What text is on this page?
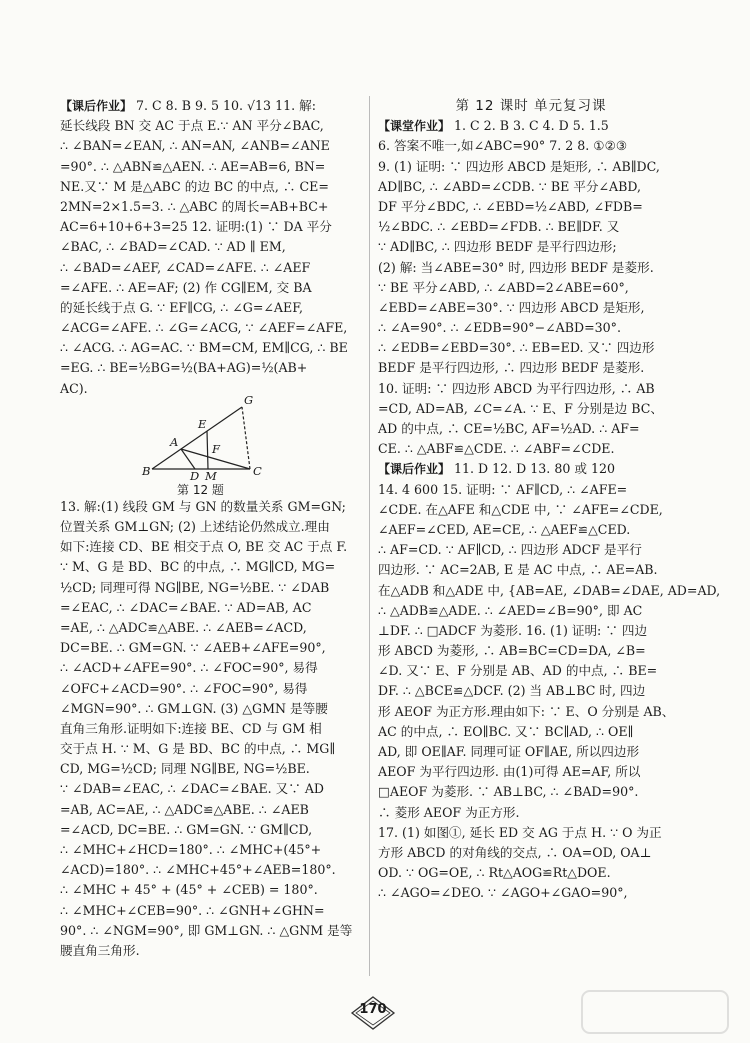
【课后作业】 7. C 8. B 9. 5 10. √13 11. 解:
延长线段 BN 交 AC 于点 E.∵ AN 平分∠BAC,
∴ ∠BAN=∠EAN, ∴ AN=AN, ∠ANB=∠ANE
=90°. ∴ △ABN≌△AEN. ∴ AE=AB=6, BN=
NE.又∵ M 是△ABC 的边 BC 的中点, ∴ CE=
2MN=2×1.5=3. ∴ △ABC 的周长=AB+BC+
AC=6+10+6+3=25 12. 证明:(1) ∵ DA 平分
∠BAC, ∴ ∠BAD=∠CAD. ∵ AD ∥ EM,
∴ ∠BAD=∠AEF, ∠CAD=∠AFE. ∴ ∠AEF
=∠AFE. ∴ AE=AF; (2) 作 CG∥EM, 交 BA
的延长线于点 G. ∵ EF∥CG, ∴ ∠G=∠AEF,
∠ACG=∠AFE. ∴ ∠G=∠ACG, ∵ ∠AEF=∠AFE,
∴ ∠ACG. ∴ AG=AC. ∵ BM=CM, EM∥CG, ∴ BE
=EG. ∴ BE=½BG=½(BA+AG)=½(AB+
AC).
G
E
A	F
B	D M	C
第 12 题
13. 解:(1) 线段 GM 与 GN 的数量关系 GM=GN;
位置关系 GM⊥GN; (2) 上述结论仍然成立.理由
如下:连接 CD、BE 相交于点 O, BE 交 AC 于点 F.
∵ M、G 是 BD、BC 的中点, ∴ MG∥CD, MG=
½CD; 同理可得 NG∥BE, NG=½BE. ∵ ∠DAB
=∠EAC, ∴ ∠DAC=∠BAE. ∵ AD=AB, AC
=AE, ∴ △ADC≌△ABE. ∴ ∠AEB=∠ACD,
DC=BE. ∴ GM=GN. ∵ ∠AEB+∠AFE=90°,
∴ ∠ACD+∠AFE=90°. ∴ ∠FOC=90°, 易得
∠OFC+∠ACD=90°. ∴ ∠FOC=90°, 易得
∠MGN=90°. ∴ GM⊥GN. (3) △GMN 是等腰
直角三角形.证明如下:连接 BE、CD 与 GM 相
交于点 H. ∵ M、G 是 BD、BC 的中点, ∴ MG∥
CD, MG=½CD; 同理 NG∥BE, NG=½BE.
∵ ∠DAB=∠EAC, ∴ ∠DAC=∠BAE. 又∵ AD
=AB, AC=AE, ∴ △ADC≌△ABE. ∴ ∠AEB
=∠ACD, DC=BE. ∴ GM=GN. ∵ GM∥CD,
∴ ∠MHC+∠HCD=180°. ∴ ∠MHC+(45°+
∠ACD)=180°. ∴ ∠MHC+45°+∠AEB=180°.
∴ ∠MHC + 45° + (45° + ∠CEB) = 180°.
∴ ∠MHC+∠CEB=90°. ∴ ∠GNH+∠GHN=
90°. ∴ ∠NGM=90°, 即 GM⊥GN. ∴ △GNM 是等
腰直角三角形.
第 12 课时 单元复习课
【课堂作业】 1. C 2. B 3. C 4. D 5. 1.5
6. 答案不唯一,如∠ABC=90° 7. 2 8. ①②③
9. (1) 证明: ∵ 四边形 ABCD 是矩形, ∴ AB∥DC,
AD∥BC, ∴ ∠ABD=∠CDB. ∵ BE 平分∠ABD,
DF 平分∠BDC, ∴ ∠EBD=½∠ABD, ∠FDB=
½∠BDC. ∴ ∠EBD=∠FDB. ∴ BE∥DF. 又
∵ AD∥BC, ∴ 四边形 BEDF 是平行四边形;
(2) 解: 当∠ABE=30° 时, 四边形 BEDF 是菱形.
∵ BE 平分∠ABD, ∴ ∠ABD=2∠ABE=60°,
∠EBD=∠ABE=30°. ∵ 四边形 ABCD 是矩形,
∴ ∠A=90°. ∴ ∠EDB=90°−∠ABD=30°.
∴ ∠EDB=∠EBD=30°. ∴ EB=ED. 又∵ 四边形
BEDF 是平行四边形, ∴ 四边形 BEDF 是菱形.
10. 证明: ∵ 四边形 ABCD 为平行四边形, ∴ AB
=CD, AD=AB, ∠C=∠A. ∵ E、F 分别是边 BC、
AD 的中点, ∴ CE=½BC, AF=½AD. ∴ AF=
CE. ∴ △ABF≌△CDE. ∴ ∠ABF=∠CDE.
【课后作业】 11. D 12. D 13. 80 或 120
14. 4 600 15. 证明: ∵ AF∥CD, ∴ ∠AFE=
∠CDE. 在△AFE 和△CDE 中, ∵ ∠AFE=∠CDE,
∠AEF=∠CED, AE=CE, ∴ △AEF≌△CED.
∴ AF=CD. ∵ AF∥CD, ∴ 四边形 ADCF 是平行
四边形. ∵ AC=2AB, E 是 AC 中点, ∴ AE=AB.
在△ADB 和△ADE 中, {AB=AE, ∠DAB=∠DAE, AD=AD,
∴ △ADB≌△ADE. ∴ ∠AED=∠B=90°, 即 AC
⊥DF. ∴ □ADCF 为菱形. 16. (1) 证明: ∵ 四边
形 ABCD 为菱形, ∴ AB=BC=CD=DA, ∠B=
∠D. 又∵ E、F 分别是 AB、AD 的中点, ∴ BE=
DF. ∴ △BCE≌△DCF. (2) 当 AB⊥BC 时, 四边
形 AEOF 为正方形.理由如下: ∵ E、O 分别是 AB、
AC 的中点, ∴ EO∥BC. 又∵ BC∥AD, ∴ OE∥
AD, 即 OE∥AF. 同理可证 OF∥AE, 所以四边形
AEOF 为平行四边形. 由(1)可得 AE=AF, 所以
□AEOF 为菱形. ∵ AB⊥BC, ∴ ∠BAD=90°.
∴ 菱形 AEOF 为正方形.
17. (1) 如图①, 延长 ED 交 AG 于点 H. ∵ O 为正
方形 ABCD 的对角线的交点, ∴ OA=OD, OA⊥
OD. ∵ OG=OE, ∴ Rt△AOG≌Rt△DOE.
∴ ∠AGO=∠DEO. ∵ ∠AGO+∠GAO=90°,
170
